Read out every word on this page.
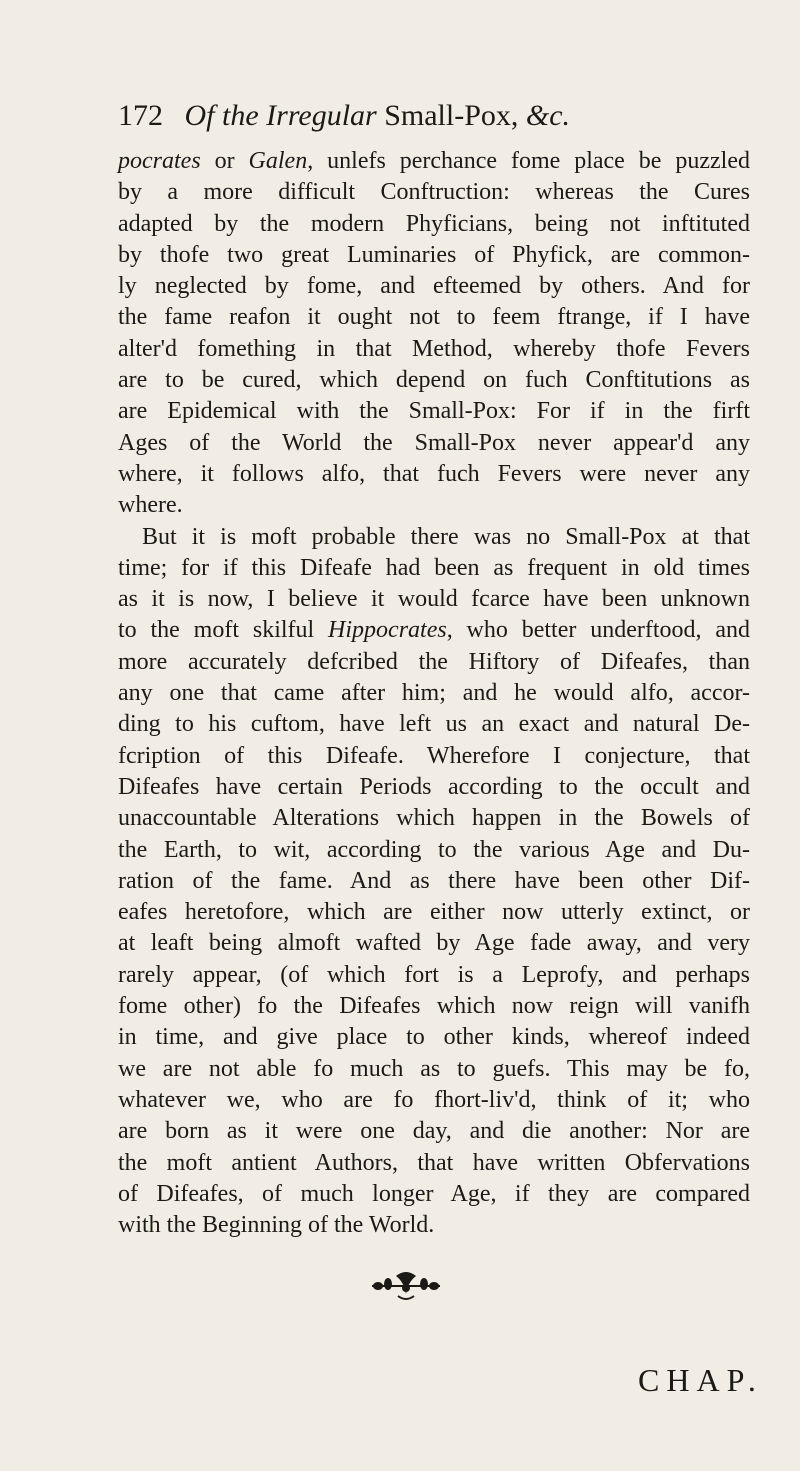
172 Of the Irregular Small-Pox, &c.
pocrates or Galen, unlefs perchance fome place be puzzled
by a more difficult Conftruction: whereas the Cures
adapted by the modern Phyficians, being not inftituted
by thofe two great Luminaries of Phyfick, are common-
ly neglected by fome, and efteemed by others. And for
the fame reafon it ought not to feem ftrange, if I have
alter'd fomething in that Method, whereby thofe Fevers
are to be cured, which depend on fuch Conftitutions as
are Epidemical with the Small-Pox: For if in the firft
Ages of the World the Small-Pox never appear'd any
where, it follows alfo, that fuch Fevers were never any
where.
But it is moft probable there was no Small-Pox at that
time; for if this Difeafe had been as frequent in old times
as it is now, I believe it would fcarce have been unknown
to the moft skilful Hippocrates, who better underftood, and
more accurately defcribed the Hiftory of Difeafes, than
any one that came after him; and he would alfo, accor-
ding to his cuftom, have left us an exact and natural De-
fcription of this Difeafe. Wherefore I conjecture, that
Difeafes have certain Periods according to the occult and
unaccountable Alterations which happen in the Bowels of
the Earth, to wit, according to the various Age and Du-
ration of the fame. And as there have been other Dif-
eafes heretofore, which are either now utterly extinct, or
at leaft being almoft wafted by Age fade away, and very
rarely appear, (of which fort is a Leprofy, and perhaps
fome other) fo the Difeafes which now reign will vanifh
in time, and give place to other kinds, whereof indeed
we are not able fo much as to guefs. This may be fo,
whatever we, who are fo fhort-liv'd, think of it; who
are born as it were one day, and die another: Nor are
the moft antient Authors, that have written Obfervations
of Difeafes, of much longer Age, if they are compared
with the Beginning of the World.
CHAP.
